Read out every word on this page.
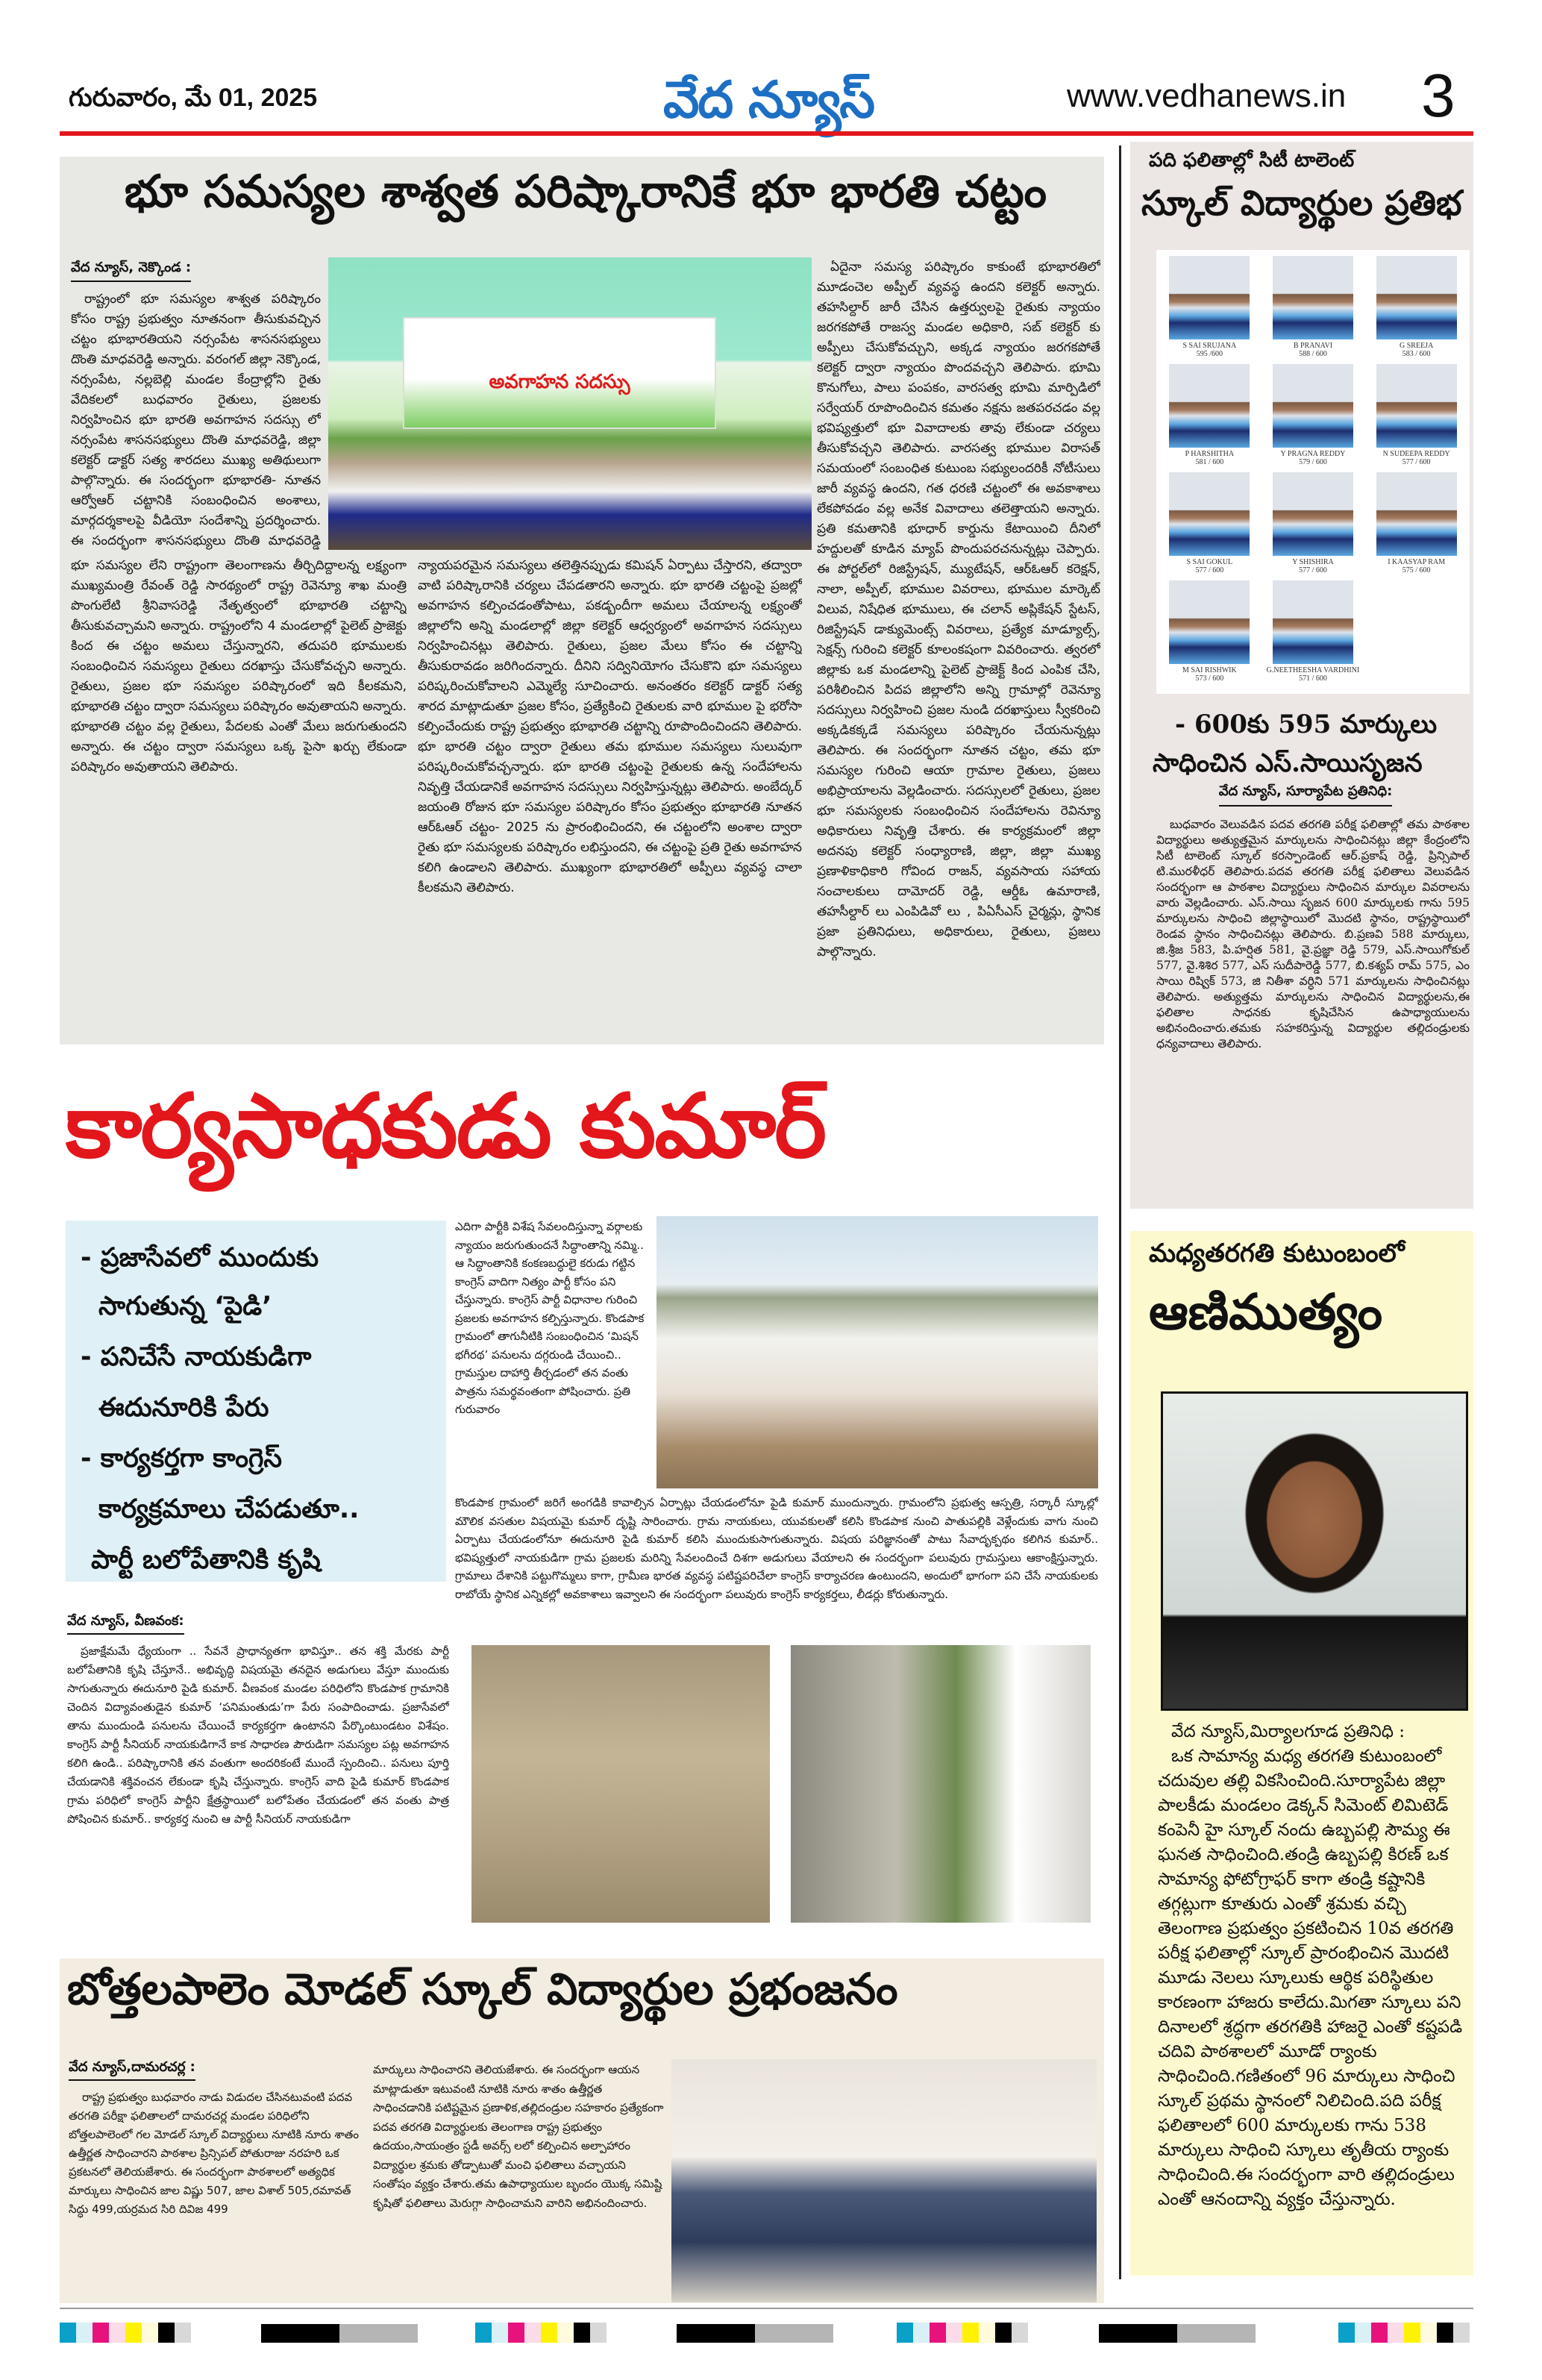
గురువారం, మే 01, 2025	వేద న్యూస్	www.vedhanews.in 3
భూ సమస్యల శాశ్వత పరిష్కారానికే భూ భారతి చట్టం
వేద న్యూస్, నెక్కొండ :

రాష్ట్రంలో భూ సమస్యల శాశ్వత పరిష్కారం కోసం రాష్ట్ర ప్రభుత్వం నూతనంగా తీసుకువచ్చిన చట్టం భూభారతియని నర్సంపేట శాసనసభ్యులు దొంతి మాధవరెడ్డి అన్నారు. వరంగల్ జిల్లా నెక్కొండ, నర్సంపేట, నల్లబెల్లి మండల కేంద్రాల్లోని రైతు వేదికలలో బుధవారం రైతులు, ప్రజలకు నిర్వహించిన భూ భారతి అవగాహన సదస్సు లో నర్సంపేట శాసనసభ్యులు దొంతి మాధవరెడ్డి, జిల్లా కలెక్టర్ డాక్టర్ సత్య శారదలు ముఖ్య అతిథులుగా పాల్గొన్నారు. ఈ సందర్భంగా భూభారతి- నూతన ఆర్వోఆర్ చట్టానికి సంబంధించిన అంశాలు, మార్గదర్శకాలపై వీడియో సందేశాన్ని ప్రదర్శించారు. ఈ సందర్భంగా శాసనసభ్యులు దొంతి మాధవరెడ్డి

అవగాహన సదస్సు

భూ సమస్యల లేని రాష్ట్రంగా తెలంగాణను తీర్చిదిద్దాలన్న లక్ష్యంగా ముఖ్యమంత్రి రేవంత్ రెడ్డి సారథ్యంలో రాష్ట్ర రెవెన్యూ శాఖ మంత్రి పొంగులేటి శ్రీనివాసరెడ్డి నేతృత్వంలో భూభారతి చట్టాన్ని తీసుకువచ్చామని అన్నారు. రాష్ట్రంలోని 4 మండలాల్లో పైలెట్ ప్రాజెక్టు కింద ఈ చట్టం అమలు చేస్తున్నారని, తదుపరి భూములకు సంబంధించిన సమస్యలు రైతులు దరఖాస్తు చేసుకోవచ్చని అన్నారు. రైతులు, ప్రజల భూ సమస్యల పరిష్కారంలో ఇది కీలకమని, భూభారతి చట్టం ద్వారా సమస్యలు పరిష్కారం అవుతాయని అన్నారు. భూభారతి చట్టం వల్ల రైతులు, పేదలకు ఎంతో మేలు జరుగుతుందని అన్నారు. ఈ చట్టం ద్వారా సమస్యలు ఒక్క పైసా ఖర్చు లేకుండా పరిష్కారం అవుతాయని తెలిపారు.

న్యాయపరమైన సమస్యలు తలెత్తినప్పుడు కమిషన్ ఏర్పాటు చేస్తారని, తద్వారా వాటి పరిష్కారానికి చర్యలు చేపడతారని అన్నారు. భూ భారతి చట్టంపై ప్రజల్లో అవగాహన కల్పించడంతోపాటు, పకడ్బందీగా అమలు చేయాలన్న లక్ష్యంతో జిల్లాలోని అన్ని మండలాల్లో జిల్లా కలెక్టర్ ఆధ్వర్యంలో అవగాహన సదస్సులు నిర్వహించినట్లు తెలిపారు. రైతులు, ప్రజల మేలు కోసం ఈ చట్టాన్ని తీసుకురావడం జరిగిందన్నారు. దీనిని సద్వినియోగం చేసుకొని భూ సమస్యలు పరిష్కరించుకోవాలని ఎమ్మెల్యే సూచించారు. అనంతరం కలెక్టర్ డాక్టర్ సత్య శారద మాట్లాడుతూ ప్రజల కోసం, ప్రత్యేకించి రైతులకు వారి భూముల పై భరోసా కల్పించేందుకు రాష్ట్ర ప్రభుత్వం భూభారతి చట్టాన్ని రూపొందించిందని తెలిపారు. భూ భారతి చట్టం ద్వారా రైతులు తమ భూముల సమస్యలు సులువుగా పరిష్కరించుకోవచ్చన్నారు. భూ భారతి చట్టంపై రైతులకు ఉన్న సందేహాలను నివృత్తి చేయడానికే అవగాహన సదస్సులు నిర్వహిస్తున్నట్లు తెలిపారు. అంబేద్కర్ జయంతి రోజున భూ సమస్యల పరిష్కారం కోసం ప్రభుత్వం భూభారతి నూతన ఆర్ఓఆర్ చట్టం- 2025 ను ప్రారంభించిందని, ఈ చట్టంలోని అంశాల ద్వారా రైతు భూ సమస్యలకు పరిష్కారం లభిస్తుందని, ఈ చట్టంపై ప్రతి రైతు అవగాహన కలిగి ఉండాలని తెలిపారు. ముఖ్యంగా భూభారతిలో అప్పీలు వ్యవస్థ చాలా కీలకమని తెలిపారు.

ఏదైనా సమస్య పరిష్కారం కాకుంటే భూభారతిలో మూడంచెల అప్పీల్ వ్యవస్థ ఉందని కలెక్టర్ అన్నారు. తహసిల్దార్ జారీ చేసిన ఉత్తర్వులపై రైతుకు న్యాయం జరగకపోతే రాజస్వ మండల అధికారి, సబ్ కలెక్టర్ కు అప్పీలు చేసుకోవచ్చుని, అక్కడ న్యాయం జరగకపోతే కలెక్టర్ ద్వారా న్యాయం పొందవచ్చని తెలిపారు. భూమి కొనుగోలు, పాలు పంపకం, వారసత్వ భూమి మార్పిడిలో సర్వేయర్ రూపొందించిన కమతం నక్షను జతపరచడం వల్ల భవిష్యత్తులో భూ వివాదాలకు తావు లేకుండా చర్యలు తీసుకోవచ్చని తెలిపారు. వారసత్వ భూముల విరాసత్ సమయంలో సంబంధిత కుటుంబ సభ్యులందరికీ నోటీసులు జారీ వ్యవస్థ ఉందని, గత ధరణి చట్టంలో ఈ అవకాశాలు లేకపోవడం వల్ల అనేక వివాదాలు తలెత్తాయని అన్నారు. ప్రతి కమతానికి భూధార్ కార్డును కేటాయించి దీనిలో హద్దులతో కూడిన మ్యాప్ పొందుపరచనున్నట్లు చెప్పారు. ఈ పోర్టల్‌లో రిజిస్ట్రేషన్, మ్యుటేషన్, ఆర్ఓఆర్ కరెక్షన్, నాలా, అప్పీల్, భూముల వివరాలు, భూముల మార్కెట్ విలువ, నిషేధిత భూములు, ఈ చలాన్ అప్లికేషన్ స్టేటస్, రిజిస్ట్రేషన్ డాక్యుమెంట్స్ వివరాలు, ప్రత్యేక మాడ్యూల్స్, సెక్షన్స్ గురించి కలెక్టర్ కూలంకషంగా వివరించారు. త్వరలో జిల్లాకు ఒక మండలాన్ని పైలెట్ ప్రాజెక్ట్ కింద ఎంపిక చేసి, పరిశీలించిన పిదప జిల్లాలోని అన్ని గ్రామాల్లో రెవెన్యూ సదస్సులు నిర్వహించి ప్రజల నుండి దరఖాస్తులు స్వీకరించి అక్కడికక్కడే సమస్యలు పరిష్కారం చేయనున్నట్లు తెలిపారు. ఈ సందర్భంగా నూతన చట్టం, తమ భూ సమస్యల గురించి ఆయా గ్రామాల రైతులు, ప్రజలు అభిప్రాయాలను వెల్లడించారు. సదస్సులలో రైతులు, ప్రజల భూ సమస్యలకు సంబంధించిన సందేహాలను రెవిన్యూ అధికారులు నివృత్తి చేశారు. ఈ కార్యక్రమంలో జిల్లా అదనపు కలెక్టర్ సంధ్యారాణి, జిల్లా, జిల్లా ముఖ్య ప్రణాళికాధికారి గోవింద రాజన్, వ్యవసాయ సహాయ సంచాలకులు దామోదర్ రెడ్డి, ఆర్డీఓ ఉమారాణి, తహసీల్దార్ లు ఎంపిడివో లు , పిఏసీఎస్ చైర్మన్లు, స్థానిక ప్రజా ప్రతినిధులు, అధికారులు, రైతులు, ప్రజలు పాల్గొన్నారు.

పది ఫలితాల్లో సిటీ టాలెంట్
స్కూల్ విద్యార్థుల ప్రతిభ
S SAI SRUJANA
595 /600
B PRANAVI
588 / 600
G SREEJA
583 / 600
P HARSHITHA
581 / 600
Y PRAGNA REDDY
579 / 600
N SUDEEPA REDDY
577 / 600
S SAI GOKUL
577 / 600
Y SHISHIRA
577 / 600
I KAASYAP RAM
575 / 600
M SAI RISHWIK
573 / 600
G.NEETHEESHA VARDHINI
571 / 600
- 600కు 595 మార్కులు
సాధించిన ఎస్.సాయిసృజన
వేద న్యూస్, సూర్యాపేట ప్రతినిధి:

బుధవారం వెలువడిన పదవ తరగతి పరీక్ష ఫలితాల్లో తమ పాఠశాల విద్యార్థులు అత్యుత్తమైన మార్కులను సాధించినట్లు జిల్లా కేంద్రంలోని సిటీ టాలెంట్ స్కూల్ కరస్పాండెంట్ ఆర్.ప్రకాష్ రెడ్డి, ప్రిన్సిపాల్ టి.మురళీధర్ తెలిపారు.పదవ తరగతి పరీక్ష ఫలితాలు వెలువడిన సందర్భంగా ఆ పాఠశాల విద్యార్థులు సాధించిన మార్కుల వివరాలను వారు వెల్లడించారు. ఎస్.సాయి సృజన 600 మార్కులకు గాను 595 మార్కులను సాధించి జిల్లాస్థాయిలో మొదటి స్థానం, రాష్ట్రస్థాయిలో రెండవ స్థానం సాధించినట్లు తెలిపారు. బి.ప్రణవి 588 మార్కులు, జి.శ్రీజ 583, పి.హర్షిత 581, వై.ప్రజ్ఞా రెడ్డి 579, ఎస్.సాయిగోకుల్ 577, వై.శిశిర 577, ఎస్ సుదీపారెడ్డి 577, బి.కశ్యప్ రామ్ 575, ఎం సాయి రిష్విక్ 573, జి నితీశా వర్ధిని 571 మార్కులను సాధించినట్లు తెలిపారు. అత్యుత్తమ మార్కులను సాధించిన విద్యార్థులను,ఈ ఫలితాల సాధనకు కృషిచేసిన ఉపాధ్యాయులను అభినందించారు.తమకు సహకరిస్తున్న విద్యార్థుల తల్లిదండ్రులకు ధన్యవాదాలు తెలిపారు.

మధ్యతరగతి కుటుంబంలో
ఆణిముత్యం

వేద న్యూస్,మిర్యాలగూడ ప్రతినిధి :

ఒక సామాన్య మధ్య తరగతి కుటుంబంలో చదువుల తల్లి వికసించింది.సూర్యాపేట జిల్లా పాలకీడు మండలం డెక్కన్ సిమెంట్ లిమిటెడ్ కంపెనీ హై స్కూల్ నందు ఉబ్బపల్లి సౌమ్య ఈ ఘనత సాధించింది.తండ్రి ఉబ్బపల్లి కిరణ్ ఒక సామాన్య ఫోటోగ్రాఫర్ కాగా తండ్రి కష్టానికి తగ్గట్లుగా కూతురు ఎంతో శ్రమకు వచ్చి తెలంగాణ ప్రభుత్వం ప్రకటించిన 10వ తరగతి పరీక్ష ఫలితాల్లో స్కూల్ ప్రారంభించిన మొదటి మూడు నెలలు స్కూలుకు ఆర్థిక పరిస్థితుల కారణంగా హాజరు కాలేదు.మిగతా స్కూలు పని దినాలలో శ్రద్ధగా తరగతికి హాజరై ఎంతో కష్టపడి చదివి పాఠశాలలో మూడో ర్యాంకు సాధించింది.గణితంలో 96 మార్కులు సాధించి స్కూల్ ప్రథమ స్థానంలో నిలిచింది.పది పరీక్ష ఫలితాలలో 600 మార్కులకు గాను 538 మార్కులు సాధించి స్కూలు తృతీయ ర్యాంకు సాధించింది.ఈ సందర్భంగా వారి తల్లిదండ్రులు ఎంతో ఆనందాన్ని వ్యక్తం చేస్తున్నారు.

కార్యసాధకుడు కుమార్
- ప్రజాసేవలో ముందుకు
సాగుతున్న ‘పైడి’
- పనిచేసే నాయకుడిగా
ఈదునూరికి పేరు
- కార్యకర్తగా కాంగ్రెస్
కార్యక్రమాలు చేపడుతూ..
పార్టీ బలోపేతానికి కృషి
వేద న్యూస్, వీణవంక:

ప్రజాక్షేమమే ధ్యేయంగా .. సేవనే ప్రాధాన్యతగా భావిస్తూ.. తన శక్తి మేరకు పార్టీ బలోపేతానికి కృషి చేస్తూనే.. అభివృద్ధి విషయమై తనదైన అడుగులు వేస్తూ ముందుకు సాగుతున్నారు ఈదునూరి పైడి కుమార్. వీణవంక మండల పరిధిలోని కొండపాక గ్రామానికి చెందిన విద్యావంతుడైన కుమార్ ‘పనిమంతుడు’గా పేరు సంపాదించాడు. ప్రజాసేవలో తాను ముందుండి పనులను చేయించే కార్యకర్తగా ఉంటానని పేర్కొంటుండటం విశేషం. కాంగ్రెస్ పార్టీ సీనియర్ నాయకుడిగానే కాక సాధారణ పౌరుడిగా సమస్యల పట్ల అవగాహన కలిగి ఉండి.. పరిష్కారానికి తన వంతుగా అందరికంటే ముందే స్పందించి.. పనులు పూర్తి చేయడానికి శక్తివంచన లేకుండా కృషి చేస్తున్నారు. కాంగ్రెస్ వాది పైడి కుమార్ కొండపాక గ్రామ పరిధిలో కాంగ్రెస్ పార్టీని క్షేత్రస్థాయిలో బలోపేతం చేయడంలో తన వంతు పాత్ర పోషించిన కుమార్.. కార్యకర్త నుంచి ఆ పార్టీ సీనియర్ నాయకుడిగా

ఎదిగా పార్టీకి విశేష సేవలందిస్తున్నా వర్గాలకు న్యాయం జరుగుతుందనే సిద్ధాంతాన్ని నమ్మి.. ఆ సిద్ధాంతానికి కంకణబద్ధులై కరుడు గట్టిన కాంగ్రెస్ వాదిగా నిత్యం పార్టీ కోసం పని చేస్తున్నారు. కాంగ్రెస్ పార్టీ విధానాల గురించి ప్రజలకు అవగాహన కల్పిస్తున్నారు. కొండపాక గ్రామంలో తాగునీటికి సంబంధించిన ‘మిషన్ భగీరథ’ పనులను దగ్గరుండి చేయించి.. గ్రామస్తుల దాహార్తి తీర్చడంలో తన వంతు పాత్రను సమర్థవంతంగా పోషించారు. ప్రతి గురువారం

కొండపాక గ్రామంలో జరిగే అంగడికి కావాల్సిన ఏర్పాట్లు చేయడంలోనూ పైడి కుమార్ ముందున్నారు. గ్రామంలోని ప్రభుత్వ ఆస్పత్రి, సర్కారీ స్కూల్లో మౌలిక వసతుల విషయమై కుమార్ దృష్టి సారించారు. గ్రామ నాయకులు, యువకులతో కలిసి కొండపాక నుంచి పాతుపల్లికి వెళ్లేందుకు వాగు నుంచి ఏర్పాటు చేయడంలోనూ ఈదునూరి పైడి కుమార్ కలిసి ముందుకుసాగుతున్నారు. విషయ పరిజ్ఞానంతో పాటు సేవాదృక్పథం కలిగిన కుమార్.. భవిష్యత్తులో నాయకుడిగా గ్రామ ప్రజలకు మరిన్ని సేవలందించే దిశగా అడుగులు వేయాలని ఈ సందర్భంగా పలువురు గ్రామస్తులు ఆకాంక్షిస్తున్నారు. గ్రామాలు దేశానికి పట్టుగొమ్మలు కాగా, గ్రామీణ భారత వ్యవస్థ పటిష్టపరిచేలా కాంగ్రెస్ కార్యాచరణ ఉంటుందని, అందులో భాగంగా పని చేసే నాయకులకు రాబోయే స్థానిక ఎన్నికల్లో అవకాశాలు ఇవ్వాలని ఈ సందర్భంగా పలువురు కాంగ్రెస్ కార్యకర్తలు, లీడర్లు కోరుతున్నారు.

బోత్తలపాలెం మోడల్ స్కూల్ విద్యార్థుల ప్రభంజనం
వేద న్యూస్,దామరచర్ల :

రాష్ట్ర ప్రభుత్వం బుధవారం నాడు విడుదల చేసినటువంటి పదవ తరగతి పరీక్షా ఫలితాలలో దామరచర్ల మండల పరిధిలోని బోత్తలపాలెంలో గల మోడల్ స్కూల్ విద్యార్థులు నూటికి నూరు శాతం ఉత్తీర్ణత సాధించారని పాఠశాల ప్రిన్సిపల్ పోతురాజు నరహరి ఒక ప్రకటనలో తెలియజేశారు. ఈ సందర్భంగా పాఠశాలలో అత్యధిక మార్కులు సాధించిన జాల విష్ణు 507, జాల విశాల్ 505,రమావత్ సిద్ధు 499,యర్రమద సిరి దివిజ 499

మార్కులు సాధించారని తెలియజేశారు. ఈ సందర్భంగా ఆయన మాట్లాడుతూ ఇటువంటి నూటికి నూరు శాతం ఉత్తీర్ణత సాధించడానికి పటిష్టమైన ప్రణాళిక,తల్లిదండ్రుల సహకారం ప్రత్యేకంగా పదవ తరగతి విద్యార్థులకు తెలంగాణ రాష్ట్ర ప్రభుత్వం ఉదయం,సాయంత్రం స్టడీ అవర్స్ లలో కల్పించిన అల్పాహారం విద్యార్థుల శ్రమకు తోడ్పాటుతో మంచి ఫలితాలు వచ్చాయని సంతోషం వ్యక్తం చేశారు.తమ ఉపాధ్యాయుల బృందం యొక్క సమిష్టి కృషితో ఫలితాలు మెరుగ్గా సాధించామని వారిని అభినందించారు.
